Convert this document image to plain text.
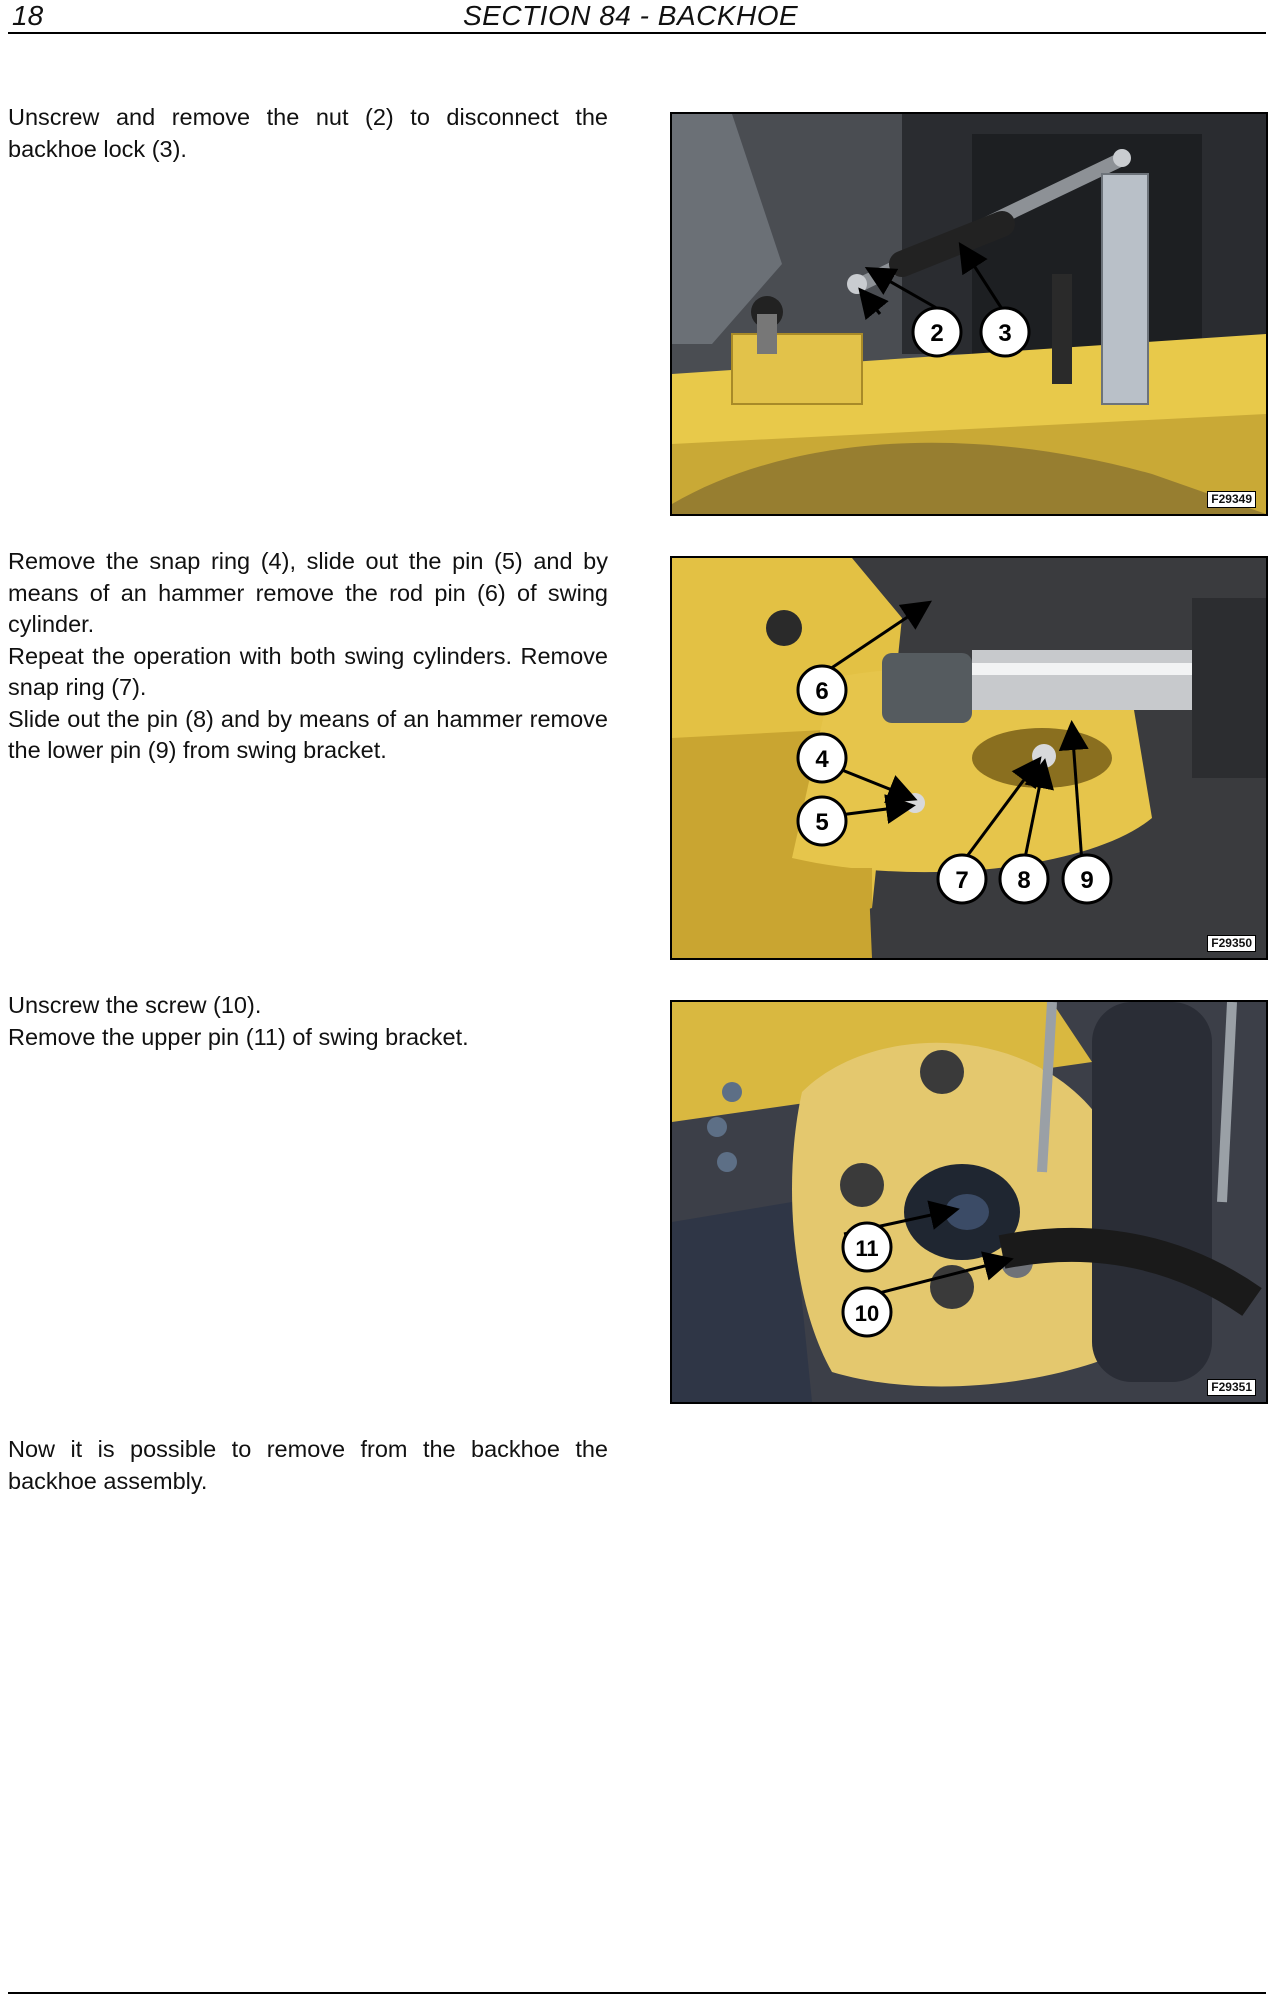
18	SECTION 84 - BACKHOE

Unscrew and remove the nut (2) to disconnect the backhoe lock (3).

2 3
F29349

Remove the snap ring (4), slide out the pin (5) and by means of an hammer remove the rod pin (6) of swing cylinder.

Repeat the operation with both swing cylinders. Remove snap ring (7).

Slide out the pin (8) and by means of an hammer remove the lower pin (9) from swing bracket.

6
4
5
7 8 9
F29350

Unscrew the screw (10).

Remove the upper pin (11) of swing bracket.

11
10
F29351

Now it is possible to remove from the backhoe the backhoe assembly.
